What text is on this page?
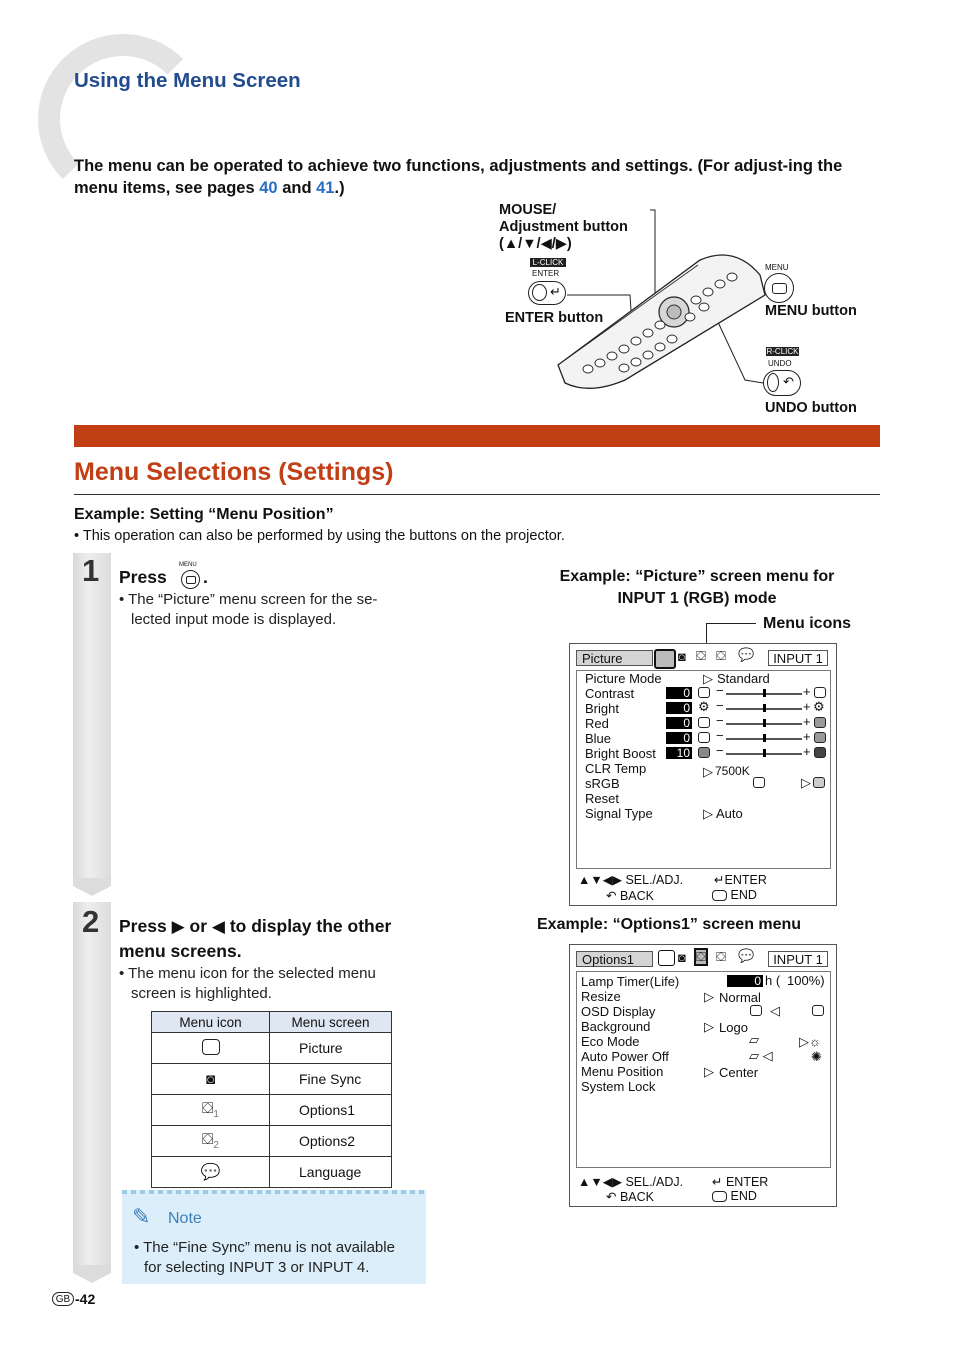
Using the Menu Screen
The menu can be operated to achieve two functions, adjustments and settings. (For adjust-ing the menu items, see pages 40 and 41.)
MOUSE/
Adjustment button
(▲/▼/◀/▶)
L-CLICK
ENTER
↵
ENTER button
MENU
MENU button
R-CLICK
UNDO
↶
UNDO button
Menu Selections (Settings)
Example: Setting “Menu Position”
• This operation can also be performed by using the buttons on the projector.
1 Press
MENU
.
• The “Picture” menu screen for the se-
lected input mode is displayed.
2 Press ▶ or ◀ to display the other
menu screens.
• The menu icon for the selected menu
screen is highlighted.
Menu icon	Menu screen
	Picture
◙	Fine Sync
$⛋_1$	Options1
$⛋_2$	Options2
💬	Language
✎ Note
• The “Fine Sync” menu is not available
for selecting INPUT 3 or INPUT 4.
Example: “Picture” screen menu for
INPUT 1 (RGB) mode
Menu icons
Picture	◙ ⛋ ⛋ 💬	INPUT 1
Picture Mode	▷ Standard
Contrast	0 −	+
Bright	0 ⚙ −	+ ⚙
Red	0 −	+
Blue	0 −	+
Bright Boost	10 −	+
CLR Temp	▷ 7500K
sRGB	▷
Reset
Signal Type	▷ Auto
▲▼◀▶ SEL./ADJ. ↵ENTER
↶ BACK	END
Example: “Options1” screen menu
Options1	◙ ⛋ ⛋ 💬	INPUT 1
Lamp Timer(Life)	0 h ( 100%)
Resize	▷ Normal
OSD Display	◁
Background	▷ Logo
Eco Mode	▱	▷☼
Auto Power Off	▱ ◁	✺
Menu Position	▷ Center
System Lock
▲▼◀▶ SEL./ADJ. ↵ ENTER
↶ BACK	END
GB -42
